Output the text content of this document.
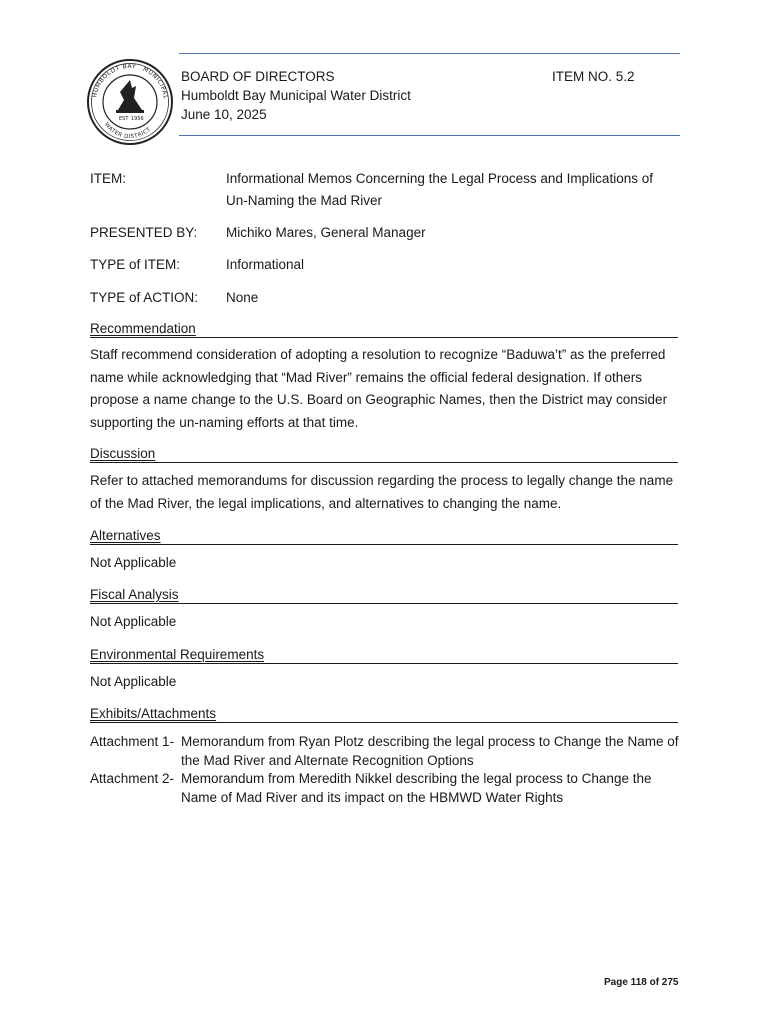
HUMBOLDT BAY MUNICIPAL
WATER DISTRICT
EST 1956
BOARD OF DIRECTORS
Humboldt Bay Municipal Water District
June 10, 2025
ITEM NO. 5.2
ITEM:	Informational Memos Concerning the Legal Process and Implications of Un-Naming the Mad River
PRESENTED BY:	Michiko Mares, General Manager
TYPE of ITEM:	Informational
TYPE of ACTION:	None
Recommendation
Staff recommend consideration of adopting a resolution to recognize “Baduwa’t” as the preferred name while acknowledging that “Mad River” remains the official federal designation. If others propose a name change to the U.S. Board on Geographic Names, then the District may consider supporting the un-naming efforts at that time.
Discussion
Refer to attached memorandums for discussion regarding the process to legally change the name of the Mad River, the legal implications, and alternatives to changing the name.
Alternatives
Not Applicable
Fiscal Analysis
Not Applicable
Environmental Requirements
Not Applicable
Exhibits/Attachments
Attachment 1- Memorandum from Ryan Plotz describing the legal process to Change the Name of the Mad River and Alternate Recognition Options
Attachment 2- Memorandum from Meredith Nikkel describing the legal process to Change the Name of Mad River and its impact on the HBMWD Water Rights
Page 118 of 275
